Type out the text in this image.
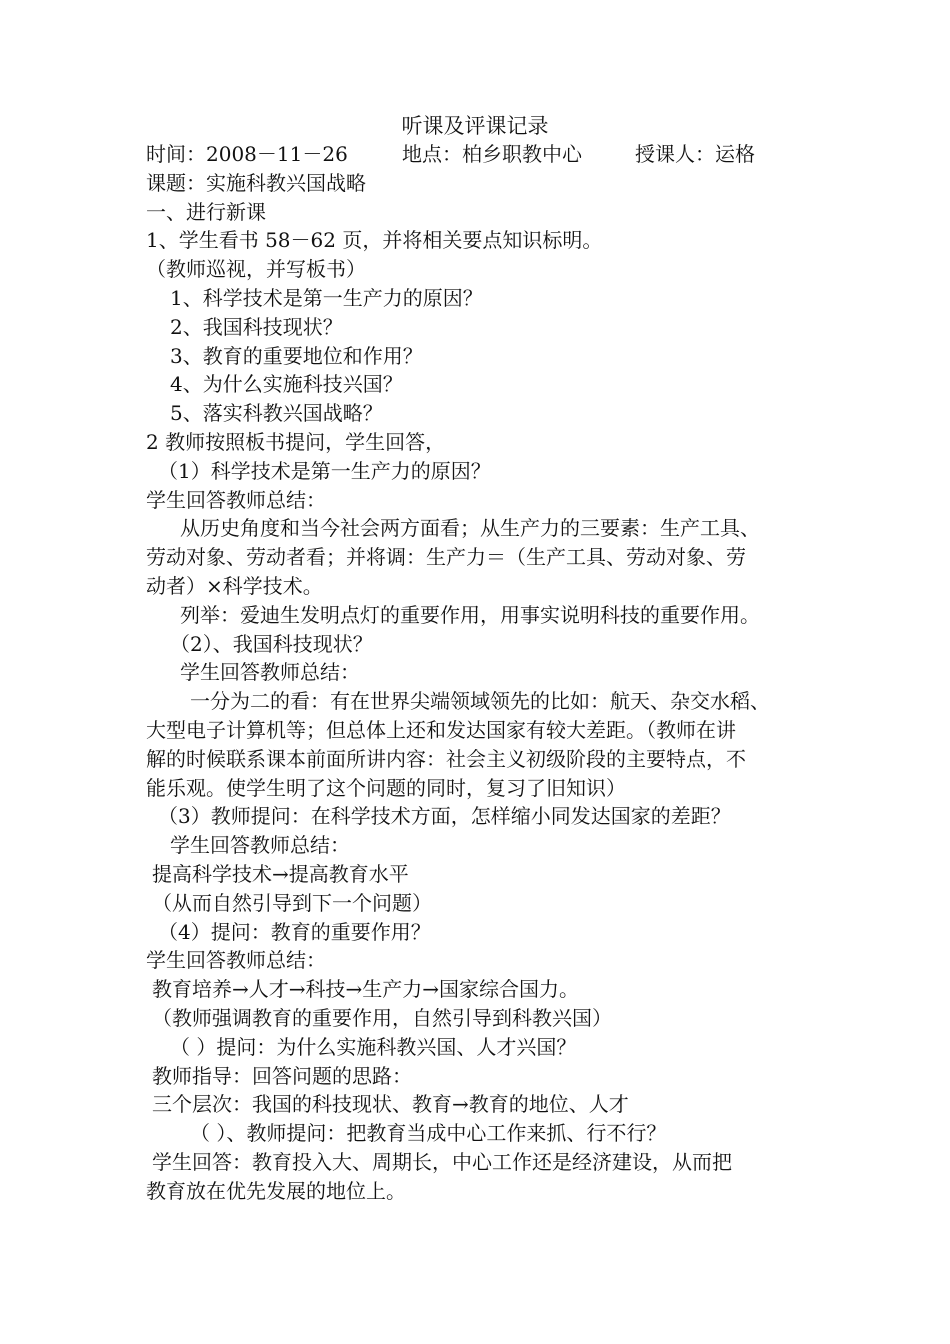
听课及评课记录
时间：2008－11－26	地点：柏乡职教中心	授课人：运格
课题：实施科教兴国战略
一、进行新课
1、学生看书 58－62 页，并将相关要点知识标明。
（教师巡视，并写板书）
1、科学技术是第一生产力的原因？
2、我国科技现状？
3、教育的重要地位和作用？
4、为什么实施科技兴国？
5、落实科教兴国战略？
2 教师按照板书提问，学生回答，
（1）科学技术是第一生产力的原因？
学生回答教师总结：
从历史角度和当今社会两方面看；从生产力的三要素：生产工具、
劳动对象、劳动者看；并将调：生产力＝（生产工具、劳动对象、劳
动者）×科学技术。
列举：爱迪生发明点灯的重要作用，用事实说明科技的重要作用。
（2）、我国科技现状？
学生回答教师总结：
一分为二的看：有在世界尖端领域领先的比如：航天、杂交水稻、
大型电子计算机等；但总体上还和发达国家有较大差距。（教师在讲
解的时候联系课本前面所讲内容：社会主义初级阶段的主要特点，不
能乐观。使学生明了这个问题的同时，复习了旧知识）
（3）教师提问：在科学技术方面，怎样缩小同发达国家的差距？
学生回答教师总结：
提高科学技术→提高教育水平
（从而自然引导到下一个问题）
（4）提问：教育的重要作用？
学生回答教师总结：
教育培养→人才→科技→生产力→国家综合国力。
（教师强调教育的重要作用，自然引导到科教兴国）
（ ）提问：为什么实施科教兴国、人才兴国？
教师指导：回答问题的思路：
三个层次：我国的科技现状、教育→教育的地位、人才
（ ）、教师提问：把教育当成中心工作来抓、行不行？
学生回答：教育投入大、周期长，中心工作还是经济建设，从而把
教育放在优先发展的地位上。
